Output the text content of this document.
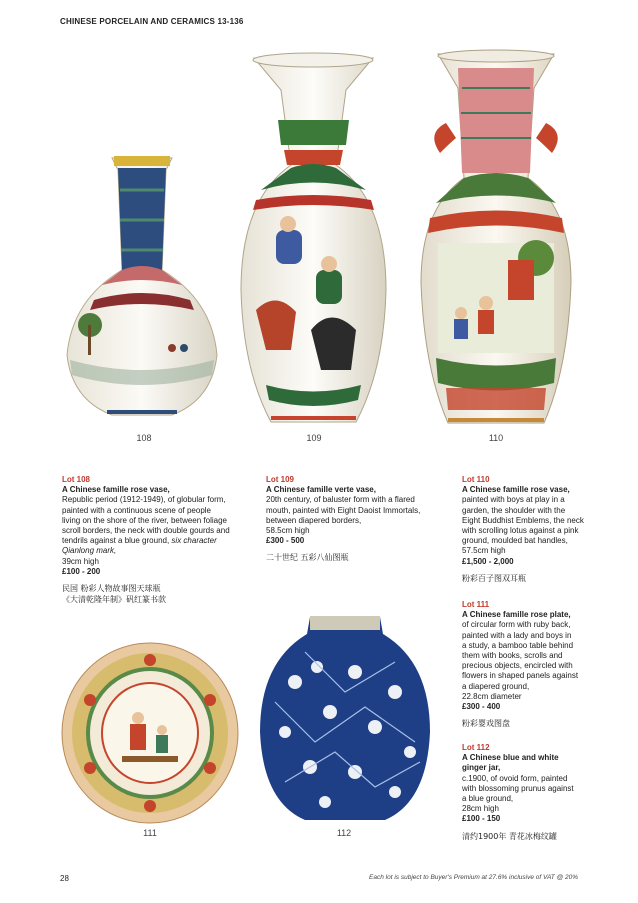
CHINESE PORCELAIN AND CERAMICS 13-136
108	109	110
Lot 108
A Chinese famille rose vase,
Republic period (1912-1949), of globular form,
painted with a continuous scene of people
living on the shore of the river, between foliage
scroll borders, the neck with double gourds and
tendrils against a blue ground, six character
Qianlong mark,
39cm high
£100 - 200
民国 粉彩人物故事图天球瓶
《大清乾隆年制》矾红篆书款
Lot 109
A Chinese famille verte vase,
20th century, of baluster form with a flared
mouth, painted with Eight Daoist Immortals,
between diapered borders,
58.5cm high
£300 - 500
二十世纪 五彩八仙图瓶
Lot 110
A Chinese famille rose vase,
painted with boys at play in a
garden, the shoulder with the
Eight Buddhist Emblems, the neck
with scrolling lotus against a pink
ground, moulded bat handles,
57.5cm high
£1,500 - 2,000
粉彩百子图双耳瓶
Lot 111
A Chinese famille rose plate,
of circular form with ruby back,
painted with a lady and boys in
a study, a bamboo table behind
them with books, scrolls and
precious objects, encircled with
flowers in shaped panels against
a diapered ground,
22.8cm diameter
£300 - 400
粉彩婴戏图盘
Lot 112
A Chinese blue and white
ginger jar,
c.1900, of ovoid form, painted
with blossoming prunus against
a blue ground,
28cm high
£100 - 150
清约1900年 青花冰梅纹罐
111	112
28	Each lot is subject to Buyer's Premium at 27.6% inclusive of VAT @ 20%
